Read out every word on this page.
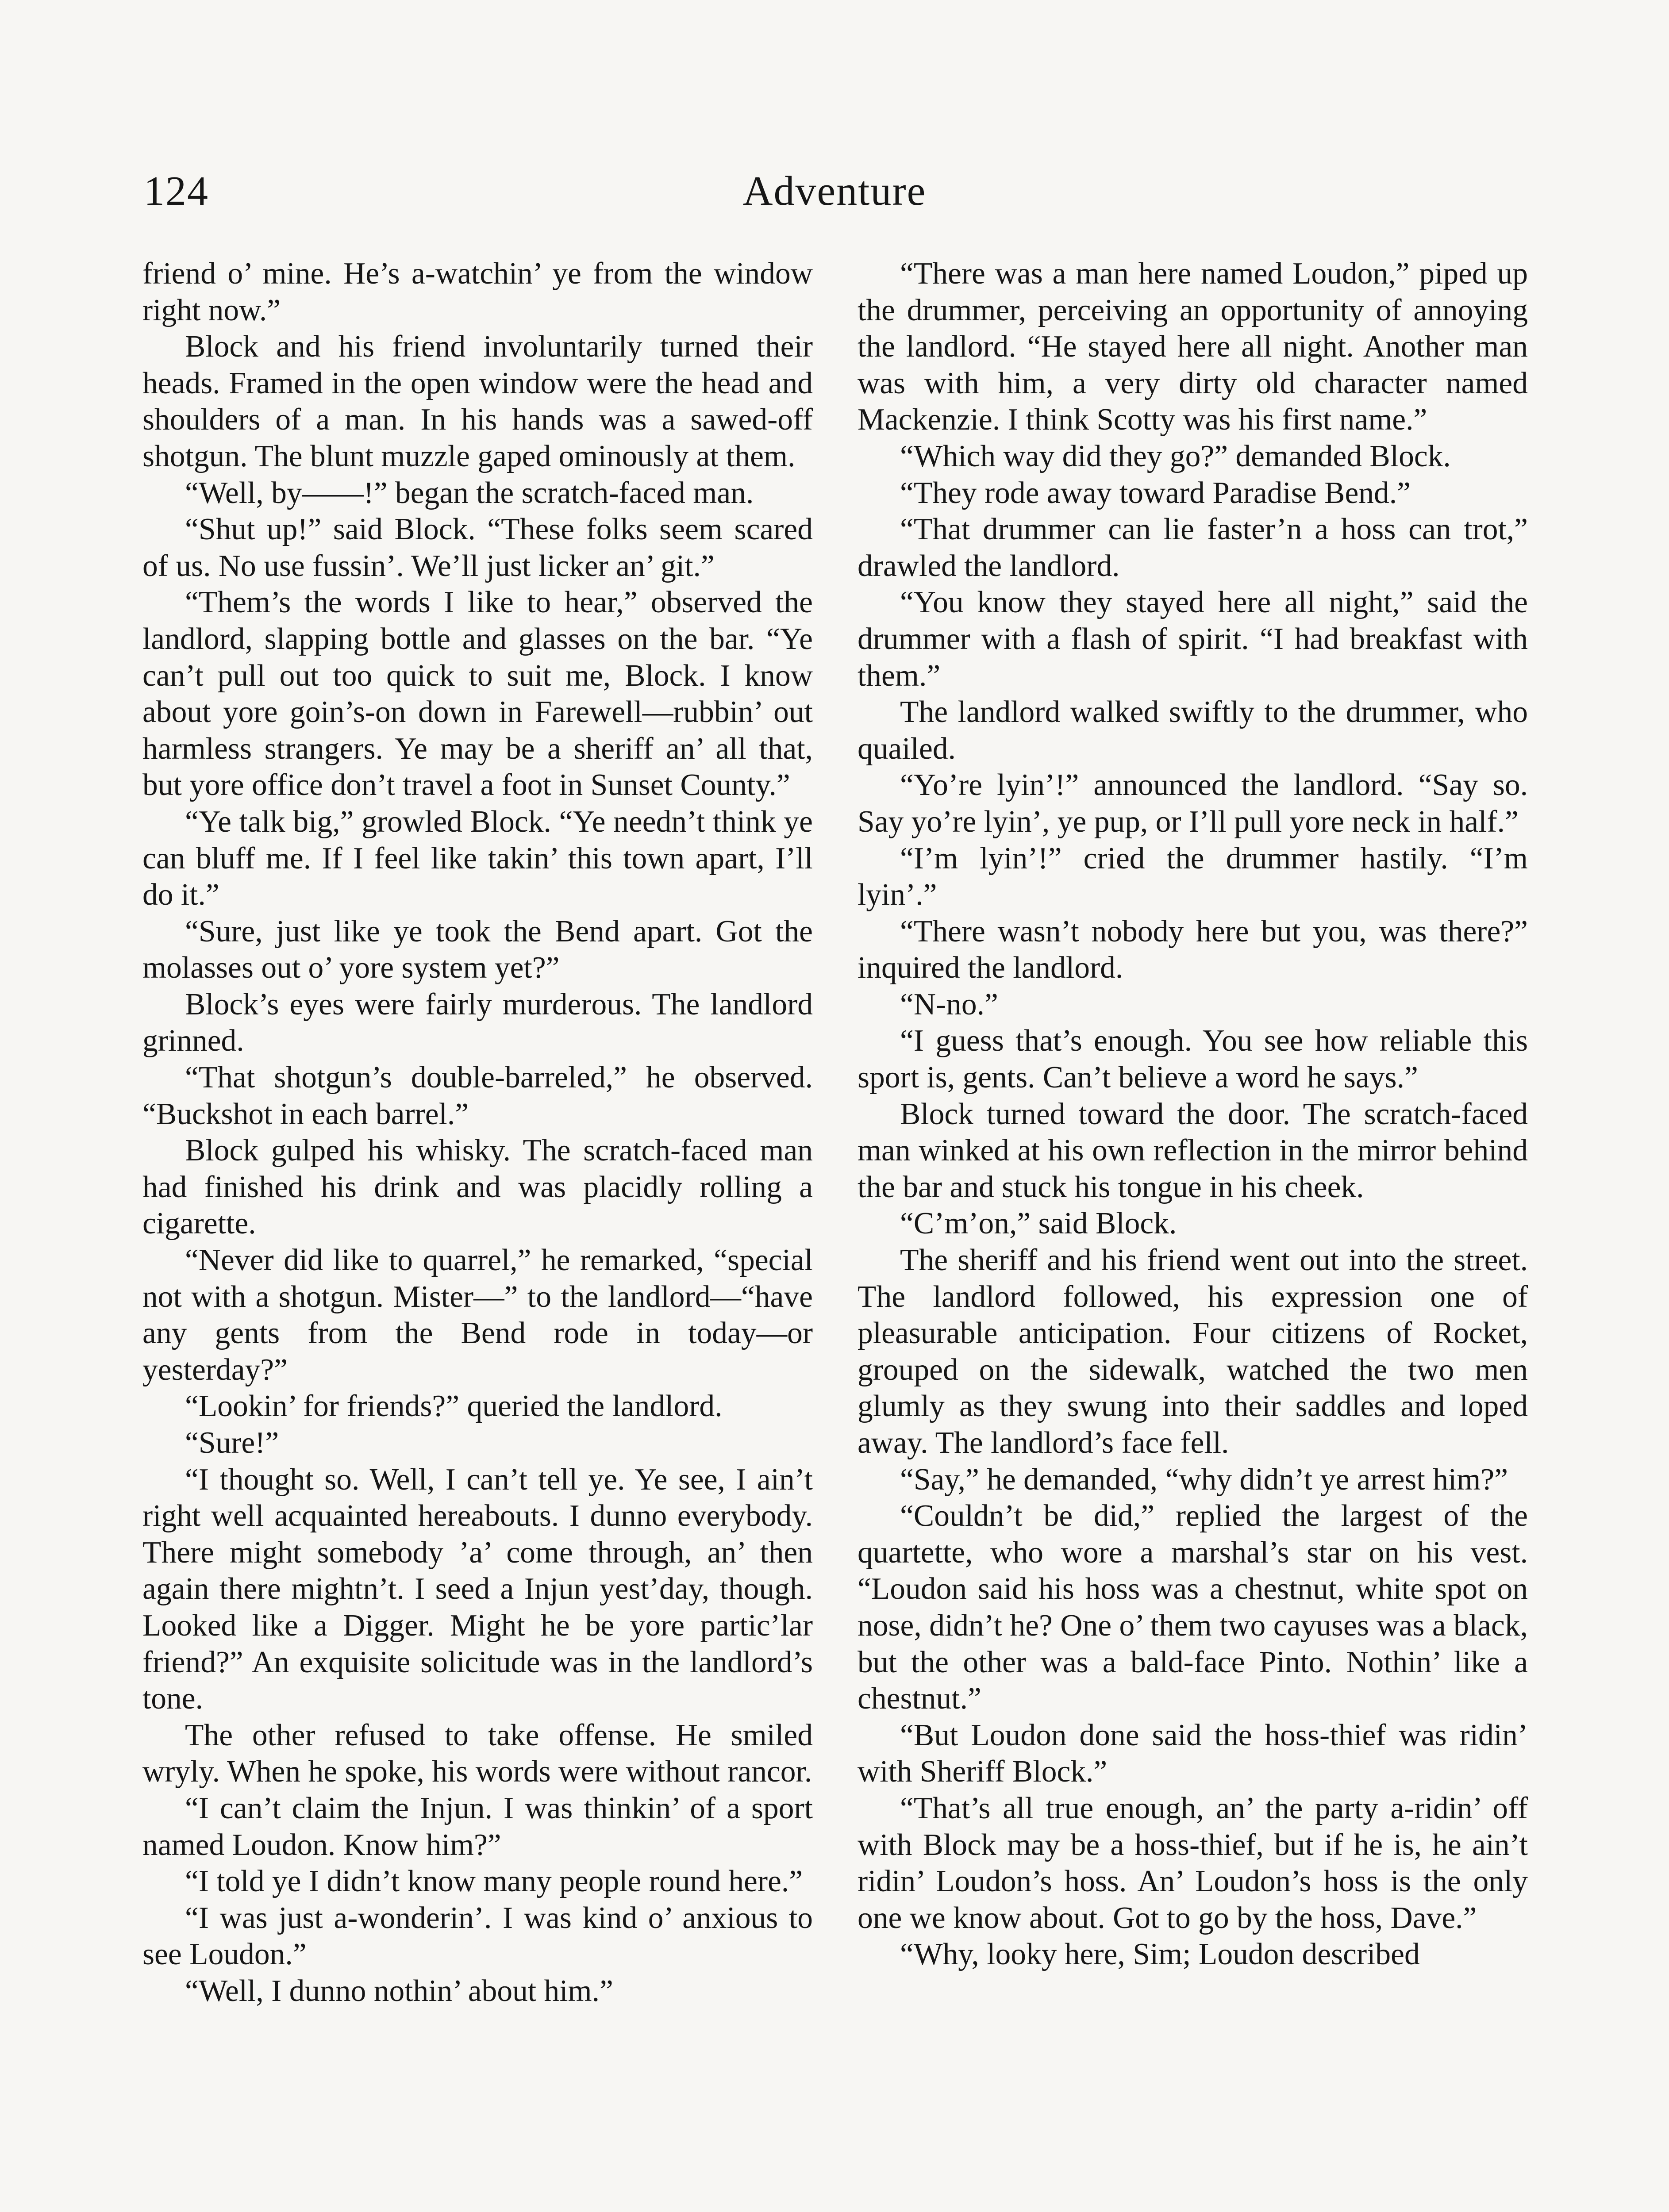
124	Adventure

friend o’ mine. He’s a-watchin’ ye from the window right now.”

Block and his friend involuntarily turned their heads. Framed in the open window were the head and shoulders of a man. In his hands was a sawed-off shotgun. The blunt muzzle gaped ominously at them.

“Well, by——!” began the scratch-faced man.

“Shut up!” said Block. “These folks seem scared of us. No use fussin’. We’ll just licker an’ git.”

“Them’s the words I like to hear,” observed the landlord, slapping bottle and glasses on the bar. “Ye can’t pull out too quick to suit me, Block. I know about yore goin’s-on down in Farewell—rubbin’ out harmless strangers. Ye may be a sheriff an’ all that, but yore office don’t travel a foot in Sunset County.”

“Ye talk big,” growled Block. “Ye needn’t think ye can bluff me. If I feel like takin’ this town apart, I’ll do it.”

“Sure, just like ye took the Bend apart. Got the molasses out o’ yore system yet?”

Block’s eyes were fairly murderous. The landlord grinned.

“That shotgun’s double-barreled,” he observed. “Buckshot in each barrel.”

Block gulped his whisky. The scratch-faced man had finished his drink and was placidly rolling a cigarette.

“Never did like to quarrel,” he remarked, “special not with a shotgun. Mister—” to the landlord—“have any gents from the Bend rode in today—or yesterday?”

“Lookin’ for friends?” queried the landlord.

“Sure!”

“I thought so. Well, I can’t tell ye. Ye see, I ain’t right well acquainted hereabouts. I dunno everybody. There might somebody ’a’ come through, an’ then again there mightn’t. I seed a Injun yest’day, though. Looked like a Digger. Might he be yore partic’lar friend?” An exquisite solicitude was in the landlord’s tone.

The other refused to take offense. He smiled wryly. When he spoke, his words were without rancor.

“I can’t claim the Injun. I was thinkin’ of a sport named Loudon. Know him?”

“I told ye I didn’t know many people round here.”

“I was just a-wonderin’. I was kind o’ anxious to see Loudon.”

“Well, I dunno nothin’ about him.”

“There was a man here named Loudon,” piped up the drummer, perceiving an opportunity of annoying the landlord. “He stayed here all night. Another man was with him, a very dirty old character named Mackenzie. I think Scotty was his first name.”

“Which way did they go?” demanded Block.

“They rode away toward Paradise Bend.”

“That drummer can lie faster’n a hoss can trot,” drawled the landlord.

“You know they stayed here all night,” said the drummer with a flash of spirit. “I had breakfast with them.”

The landlord walked swiftly to the drummer, who quailed.

“Yo’re lyin’!” announced the landlord. “Say so. Say yo’re lyin’, ye pup, or I’ll pull yore neck in half.”

“I’m lyin’!” cried the drummer hastily. “I’m lyin’.”

“There wasn’t nobody here but you, was there?” inquired the landlord.

“N-no.”

“I guess that’s enough. You see how reliable this sport is, gents. Can’t believe a word he says.”

Block turned toward the door. The scratch-faced man winked at his own reflection in the mirror behind the bar and stuck his tongue in his cheek.

“C’m’on,” said Block.

The sheriff and his friend went out into the street. The landlord followed, his expression one of pleasurable anticipation. Four citizens of Rocket, grouped on the sidewalk, watched the two men glumly as they swung into their saddles and loped away. The landlord’s face fell.

“Say,” he demanded, “why didn’t ye arrest him?”

“Couldn’t be did,” replied the largest of the quartette, who wore a marshal’s star on his vest. “Loudon said his hoss was a chestnut, white spot on nose, didn’t he? One o’ them two cayuses was a black, but the other was a bald-face Pinto. Nothin’ like a chestnut.”

“But Loudon done said the hoss-thief was ridin’ with Sheriff Block.”

“That’s all true enough, an’ the party a-ridin’ off with Block may be a hoss-thief, but if he is, he ain’t ridin’ Loudon’s hoss. An’ Loudon’s hoss is the only one we know about. Got to go by the hoss, Dave.”

“Why, looky here, Sim; Loudon described
